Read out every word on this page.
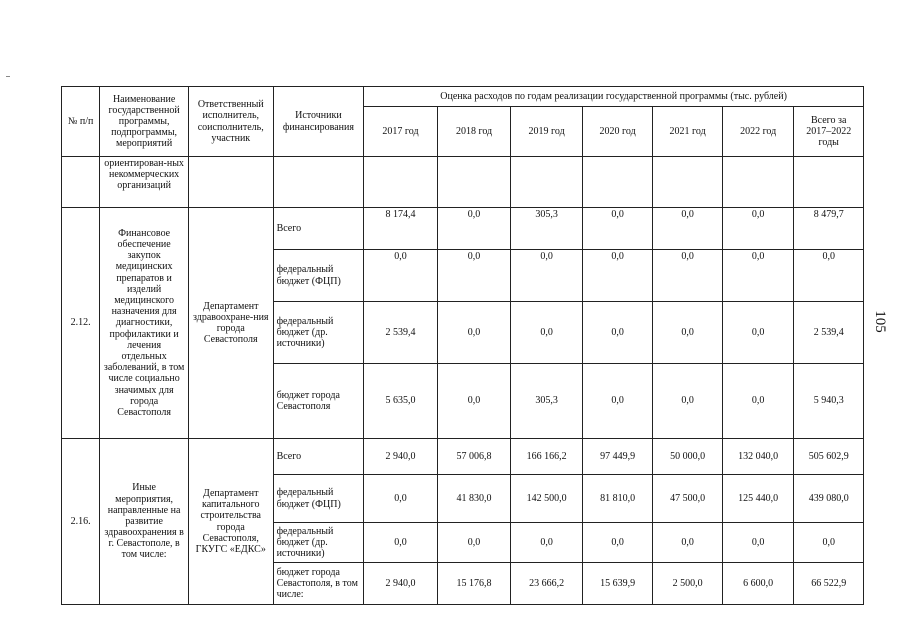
№ п/п	Наименование государственной программы, подпрограммы, мероприятий	Ответственный исполнитель, соисполнитель, участник	Источники финансирования	Оценка расходов по годам реализации государственной программы (тыс. рублей)						
				2017 год	2018 год	2019 год	2020 год	2021 год	2022 год	Всего за 2017–2022 годы
	ориентирован-ных некоммерческих организаций									
2.12.	Финансовое обеспечение закупок медицинских препаратов и изделий медицинского назначения для диагностики, профилактики и лечения отдельных заболеваний, в том числе социально значимых для города Севастополя	Департамент здравоохране-ния города Севастополя	Всего	8 174,4	0,0	305,3	0,0	0,0	0,0	8 479,7
			федеральный бюджет (ФЦП)	0,0	0,0	0,0	0,0	0,0	0,0	0,0
			федеральный бюджет (др. источники)	2 539,4	0,0	0,0	0,0	0,0	0,0	2 539,4
			бюджет города Севастополя	5 635,0	0,0	305,3	0,0	0,0	0,0	5 940,3
2.16.	Иные мероприятия, направленные на развитие здравоохранения в г. Севастополе, в том числе:	Департамент капитального строительства города Севастополя, ГКУГС «ЕДКС»	Всего	2 940,0	57 006,8	166 166,2	97 449,9	50 000,0	132 040,0	505 602,9
			федеральный бюджет (ФЦП)	0,0	41 830,0	142 500,0	81 810,0	47 500,0	125 440,0	439 080,0
			федеральный бюджет (др. источники)	0,0	0,0	0,0	0,0	0,0	0,0	0,0
			бюджет города Севастополя, в том числе:	2 940,0	15 176,8	23 666,2	15 639,9	2 500,0	6 600,0	66 522,9
105
